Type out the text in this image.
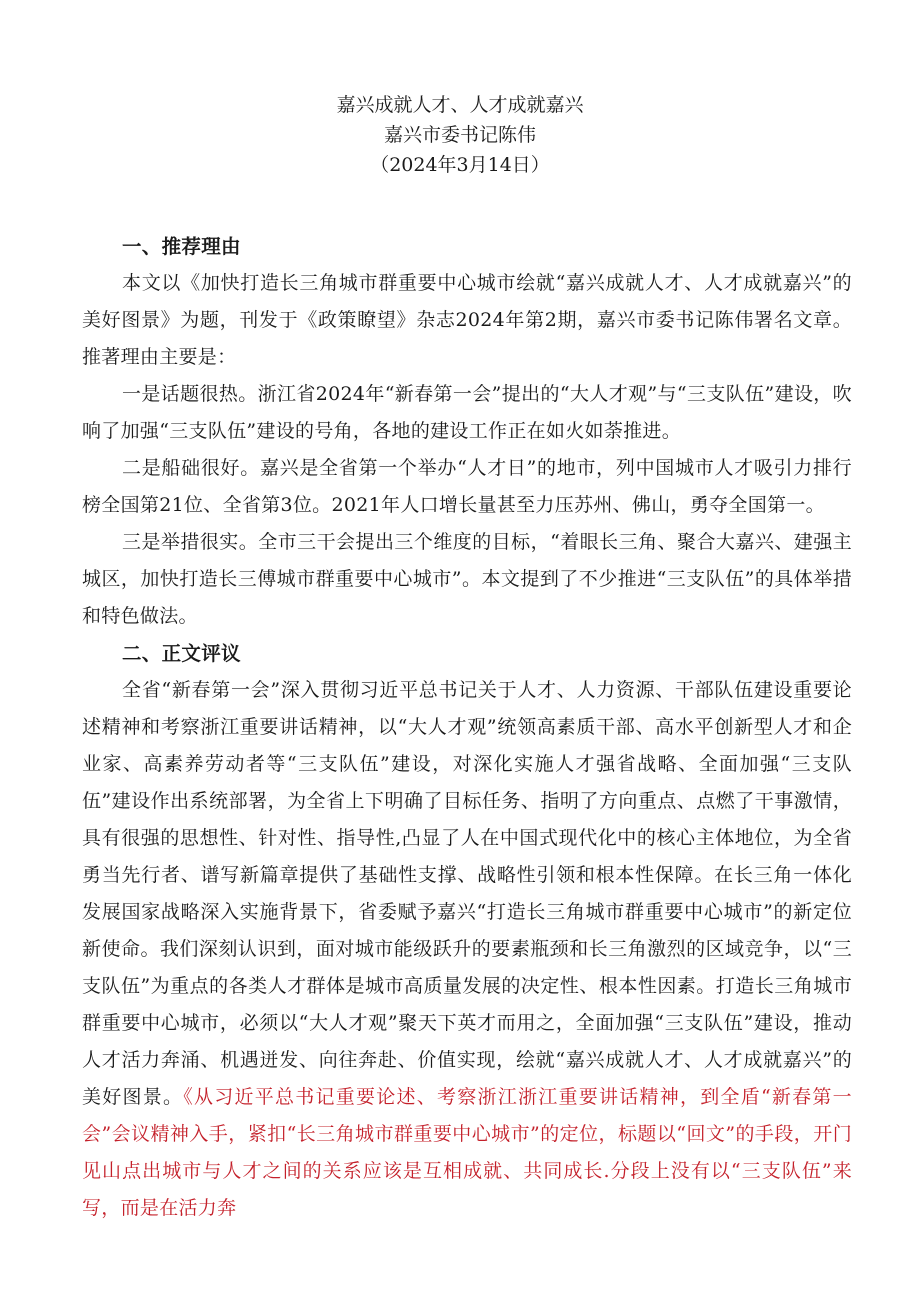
嘉兴成就人才、人才成就嘉兴
嘉兴市委书记陈伟
（2024年3月14日）
一、推荐理由

本文以《加快打造长三角城市群重要中心城市绘就“嘉兴成就人才、人才成就嘉兴”的美好图景》为题，刊发于《政策瞭望》杂志2024年第2期，嘉兴市委书记陈伟署名文章。推著理由主要是：

一是话题很热。浙江省2024年“新春第一会”提出的“大人才观”与“三支队伍”建设，吹响了加强“三支队伍”建设的号角，各地的建设工作正在如火如荼推进。

二是船础很好。嘉兴是全省第一个举办“人才日”的地市，列中国城市人才吸引力排行榜全国第21位、全省第3位。2021年人口增长量甚至力压苏州、佛山，勇夺全国第一。

三是举措很实。全市三干会提出三个维度的目标，“着眼长三角、聚合大嘉兴、建强主城区，加快打造长三傅城市群重要中心城市”。本文提到了不少推进“三支队伍”的具体举措和特色做法。

二、正文评议

全省“新春第一会”深入贯彻习近平总书记关于人才、人力资源、干部队伍建设重要论述精神和考察浙江重要讲话精神，以“大人才观”统领高素质干部、高水平创新型人才和企业家、高素养劳动者等“三支队伍”建设，对深化实施人才强省战略、全面加强“三支队伍”建设作出系统部署，为全省上下明确了目标任务、指明了方向重点、点燃了干事激情，具有很强的思想性、针对性、指导性,凸显了人在中国式现代化中的核心主体地位，为全省勇当先行者、谱写新篇章提供了基础性支撑、战略性引领和根本性保障。在长三角一体化发展国家战略深入实施背景下，省委赋予嘉兴“打造长三角城市群重要中心城市”的新定位新使命。我们深刻认识到，面对城市能级跃升的要素瓶颈和长三角激烈的区域竞争，以“三支队伍”为重点的各类人才群体是城市高质量发展的决定性、根本性因素。打造长三角城市群重要中心城市，必须以“大人才观”聚天下英才而用之，全面加强“三支队伍”建设，推动人才活力奔涌、机遇迸发、向往奔赴、价值实现，绘就“嘉兴成就人才、人才成就嘉兴”的美好图景。《从习近平总书记重要论述、考察浙江浙江重要讲话精神，到全盾“新春第一会”会议精神入手，紧扣“长三角城市群重要中心城市”的定位，标题以“回文”的手段，开门见山点出城市与人才之间的关系应该是互相成就、共同成长.分段上没有以“三支队伍”来写，而是在活力奔
